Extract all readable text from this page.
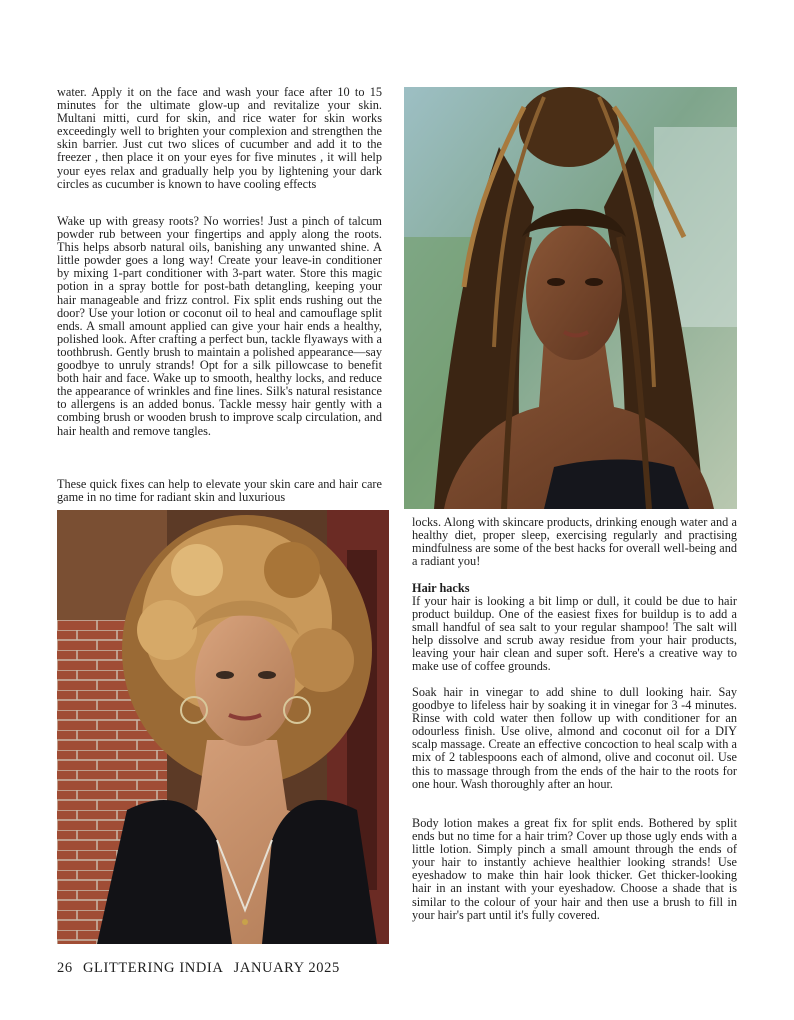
water. Apply it on the face and wash your face after 10 to 15 minutes for the ultimate glow-up and revitalize your skin. Multani mitti, curd for skin, and rice water for skin works exceedingly well to brighten your complexion and strengthen the skin barrier. Just cut two slices of cucumber and add it to the freezer , then place it on your eyes for five minutes , it will help your eyes relax and gradually help you by lightening your dark circles as cucumber is known to have cooling effects

Wake up with greasy roots? No worries! Just a pinch of talcum powder rub between your fingertips and apply along the roots. This helps absorb natural oils, banishing any unwanted shine. A little powder goes a long way! Create your leave-in conditioner by mixing 1-part conditioner with 3-part water. Store this magic potion in a spray bottle for post-bath detangling, keeping your hair manageable and frizz control. Fix split ends rushing out the door? Use your lotion or coconut oil to heal and camouflage split ends. A small amount applied can give your hair ends a healthy, polished look. After crafting a perfect bun, tackle flyaways with a toothbrush. Gently brush to maintain a polished appearance—say goodbye to unruly strands! Opt for a silk pillowcase to benefit both hair and face. Wake up to smooth, healthy locks, and reduce the appearance of wrinkles and fine lines. Silk's natural resistance to allergens is an added bonus. Tackle messy hair gently with a combing brush or wooden brush to improve scalp circulation, and hair health and remove tangles.

These quick fixes can help to elevate your skin care and hair care game in no time for radiant skin and luxurious

locks. Along with skincare products, drinking enough water and a healthy diet, proper sleep, exercising regularly and practising mindfulness are some of the best hacks for overall well-being and a radiant you!

Hair hacks

If your hair is looking a bit limp or dull, it could be due to hair product buildup. One of the easiest fixes for buildup is to add a small handful of sea salt to your regular shampoo! The salt will help dissolve and scrub away residue from your hair products, leaving your hair clean and super soft. Here's a creative way to make use of coffee grounds.

Soak hair in vinegar to add shine to dull looking hair. Say goodbye to lifeless hair by soaking it in vinegar for 3 -4 minutes. Rinse with cold water then follow up with conditioner for an odourless finish. Use olive, almond and coconut oil for a DIY scalp massage. Create an effective concoction to heal scalp with a mix of 2 tablespoons each of almond, olive and coconut oil. Use this to massage through from the ends of the hair to the roots for one hour. Wash thoroughly after an hour.

Body lotion makes a great fix for split ends. Bothered by split ends but no time for a hair trim? Cover up those ugly ends with a little lotion. Simply pinch a small amount through the ends of your hair to instantly achieve healthier looking strands! Use eyeshadow to make thin hair look thicker. Get thicker-looking hair in an instant with your eyeshadow. Choose a shade that is similar to the colour of your hair and then use a brush to fill in your hair's part until it's fully covered.

26 GLITTERING INDIA JANUARY 2025
